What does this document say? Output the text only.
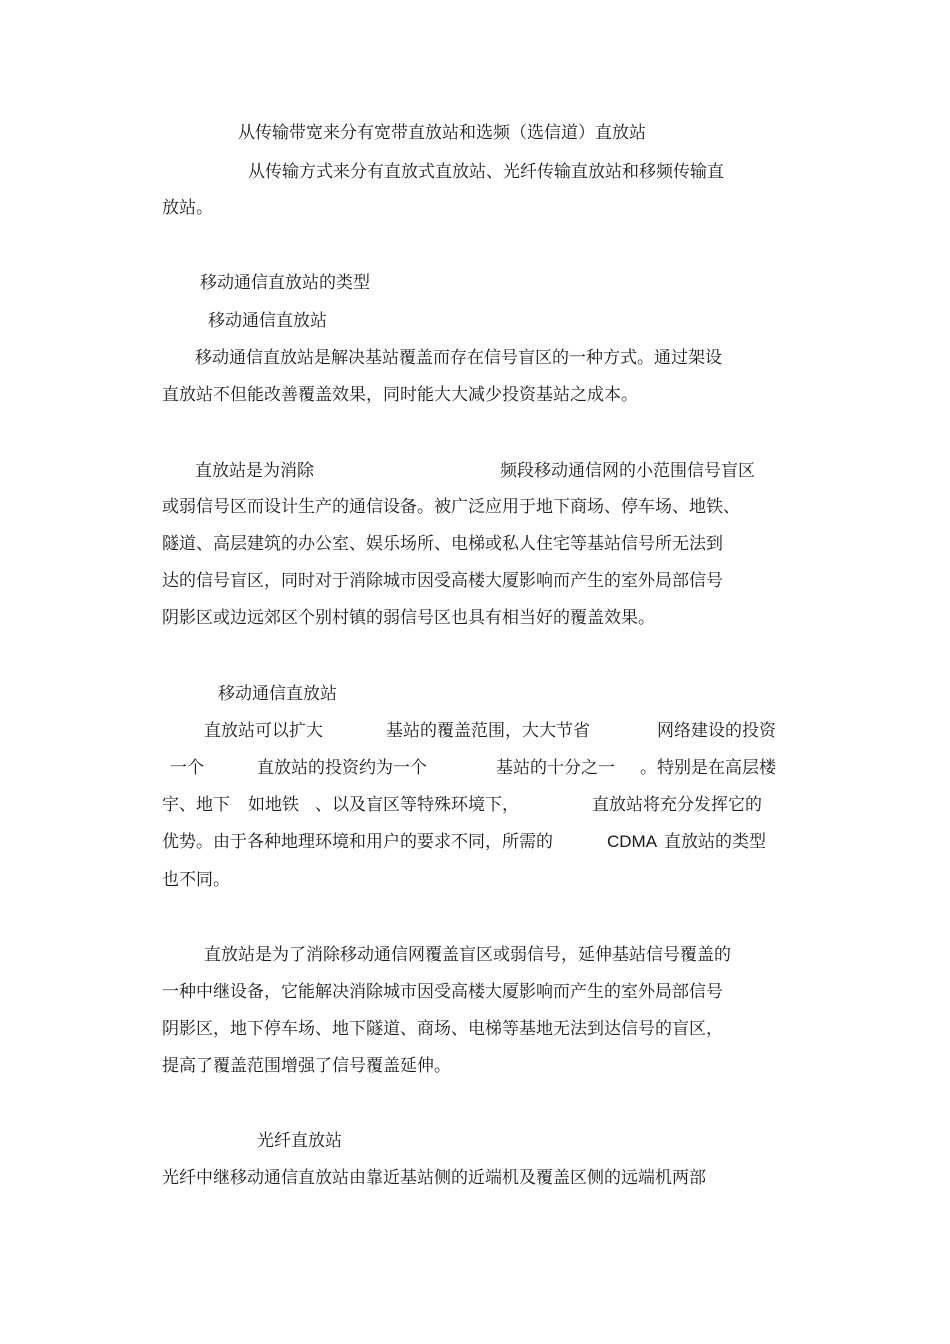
从传输带宽来分有宽带直放站和选频（选信道）直放站

从传输方式来分有直放式直放站、光纤传输直放站和移频传输直

放站。

移动通信直放站的类型

移动通信直放站

移动通信直放站是解决基站覆盖而存在信号盲区的一种方式。通过架设

直放站不但能改善覆盖效果，同时能大大减少投资基站之成本。

直放站是为消除	频段移动通信网的小范围信号盲区

或弱信号区而设计生产的通信设备。被广泛应用于地下商场、停车场、地铁、

隧道、高层建筑的办公室、娱乐场所、电梯或私人住宅等基站信号所无法到

达的信号盲区，同时对于消除城市因受高楼大厦影响而产生的室外局部信号

阴影区或边远郊区个别村镇的弱信号区也具有相当好的覆盖效果。

移动通信直放站

直放站可以扩大	基站的覆盖范围，大大节省	网络建设的投资

一个	直放站的投资约为一个	基站的十分之一 。特别是在高层楼

宇、地下 如地铁 、以及盲区等特殊环境下，	直放站将充分发挥它的

优势。由于各种地理环境和用户的要求不同，所需的	CDMA 直放站的类型

也不同。

直放站是为了消除移动通信网覆盖盲区或弱信号，延伸基站信号覆盖的

一种中继设备，它能解决消除城市因受高楼大厦影响而产生的室外局部信号

阴影区，地下停车场、地下隧道、商场、电梯等基地无法到达信号的盲区，

提高了覆盖范围增强了信号覆盖延伸。

光纤直放站

光纤中继移动通信直放站由靠近基站侧的近端机及覆盖区侧的远端机两部
